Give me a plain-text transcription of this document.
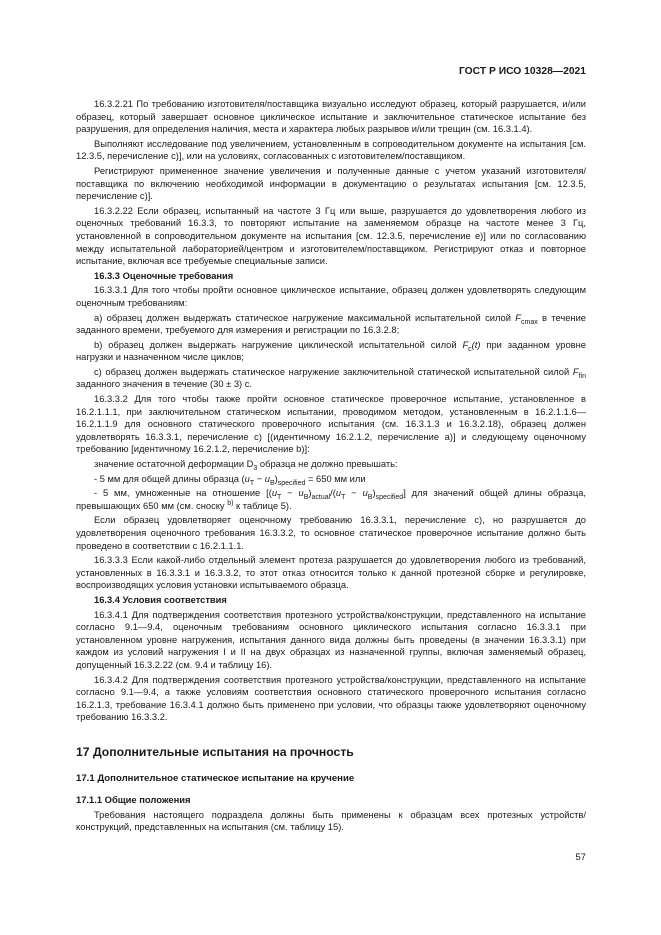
ГОСТ Р ИСО 10328—2021

16.3.2.21 По требованию изготовителя/поставщика визуально исследуют образец, который разрушается, и/или образец, который завершает основное циклическое испытание и заключительное статическое испытание без разрушения, для определения наличия, места и характера любых разрывов и/или трещин (см. 16.3.1.4).

Выполняют исследование под увеличением, установленным в сопроводительном документе на испытания [см. 12.3.5, перечисление с)], или на условиях, согласованных с изготовителем/поставщиком.

Регистрируют примененное значение увеличения и полученные данные с учетом указаний изготовителя/поставщика по включению необходимой информации в документацию о результатах испытания [см. 12.3.5, перечисление с)].

16.3.2.22 Если образец, испытанный на частоте 3 Гц или выше, разрушается до удовлетворения любого из оценочных требований 16.3.3, то повторяют испытание на заменяемом образце на частоте менее 3 Гц, установленной в сопроводительном документе на испытания [см. 12.3.5, перечисление е)] или по согласованию между испытательной лабораторией/центром и изготовителем/поставщиком. Регистрируют отказ и повторное испытание, включая все требуемые специальные записи.

16.3.3 Оценочные требования

16.3.3.1 Для того чтобы пройти основное циклическое испытание, образец должен удовлетворять следующим оценочным требованиям:

a) образец должен выдержать статическое нагружение максимальной испытательной силой $F_{cmax}$ в течение заданного времени, требуемого для измерения и регистрации по 16.3.2.8;

b) образец должен выдержать нагружение циклической испытательной силой $F_c(t)$ при заданном уровне нагрузки и назначенном числе циклов;

с) образец должен выдержать статическое нагружение заключительной статической испытательной силой $F_{fin}$ заданного значения в течение (30 ± 3) с.

16.3.3.2 Для того чтобы также пройти основное статическое проверочное испытание, установленное в 16.2.1.1.1, при заключительном статическом испытании, проводимом методом, установленным в 16.2.1.1.6—16.2.1.1.9 для основного статического проверочного испытания (см. 16.3.1.3 и 16.3.2.18), образец должен удовлетворять 16.3.3.1, перечисление с) [(идентичному 16.2.1.2, перечисление а)] и следующему оценочному требованию [идентичному 16.2.1.2, перечисление b)]:

значение остаточной деформации $D_3$ образца не должно превышать:

- 5 мм для общей длины образца $(u_T - u_B)_{specified} = 650$ мм или

- 5 мм, умноженные на отношение $[(u_T - u_B)_{actual}/(u_T - u_B)_{specified}]$ для значений общей длины образца, превышающих 650 мм (см. сноску $^{b)}$ к таблице 5).

Если образец удовлетворяет оценочному требованию 16.3.3.1, перечисление с), но разрушается до удовлетворения оценочного требования 16.3.3.2, то основное статическое проверочное испытание должно быть проведено в соответствии с 16.2.1.1.1.

16.3.3.3 Если какой-либо отдельный элемент протеза разрушается до удовлетворения любого из требований, установленных в 16.3.3.1 и 16.3.3.2, то этот отказ относится только к данной протезной сборке и регулировке, воспроизводящих условия установки испытываемого образца.

16.3.4 Условия соответствия

16.3.4.1 Для подтверждения соответствия протезного устройства/конструкции, представленного на испытание согласно 9.1—9.4, оценочным требованиям основного циклического испытания согласно 16.3.3.1 при установленном уровне нагружения, испытания данного вида должны быть проведены (в значении 16.3.3.1) при каждом из условий нагружения I и II на двух образцах из назначенной группы, включая заменяемый образец, допущенный 16.3.2.22 (см. 9.4 и таблицу 16).

16.3.4.2 Для подтверждения соответствия протезного устройства/конструкции, представленного на испытание согласно 9.1—9.4, а также условиям соответствия основного статического проверочного испытания согласно 16.2.1.3, требование 16.3.4.1 должно быть применено при условии, что образцы также удовлетворяют оценочному требованию 16.3.3.2.

17 Дополнительные испытания на прочность
17.1 Дополнительное статическое испытание на кручение
17.1.1 Общие положения

Требования настоящего подраздела должны быть применены к образцам всех протезных устройств/конструкций, представленных на испытания (см. таблицу 15).

57
